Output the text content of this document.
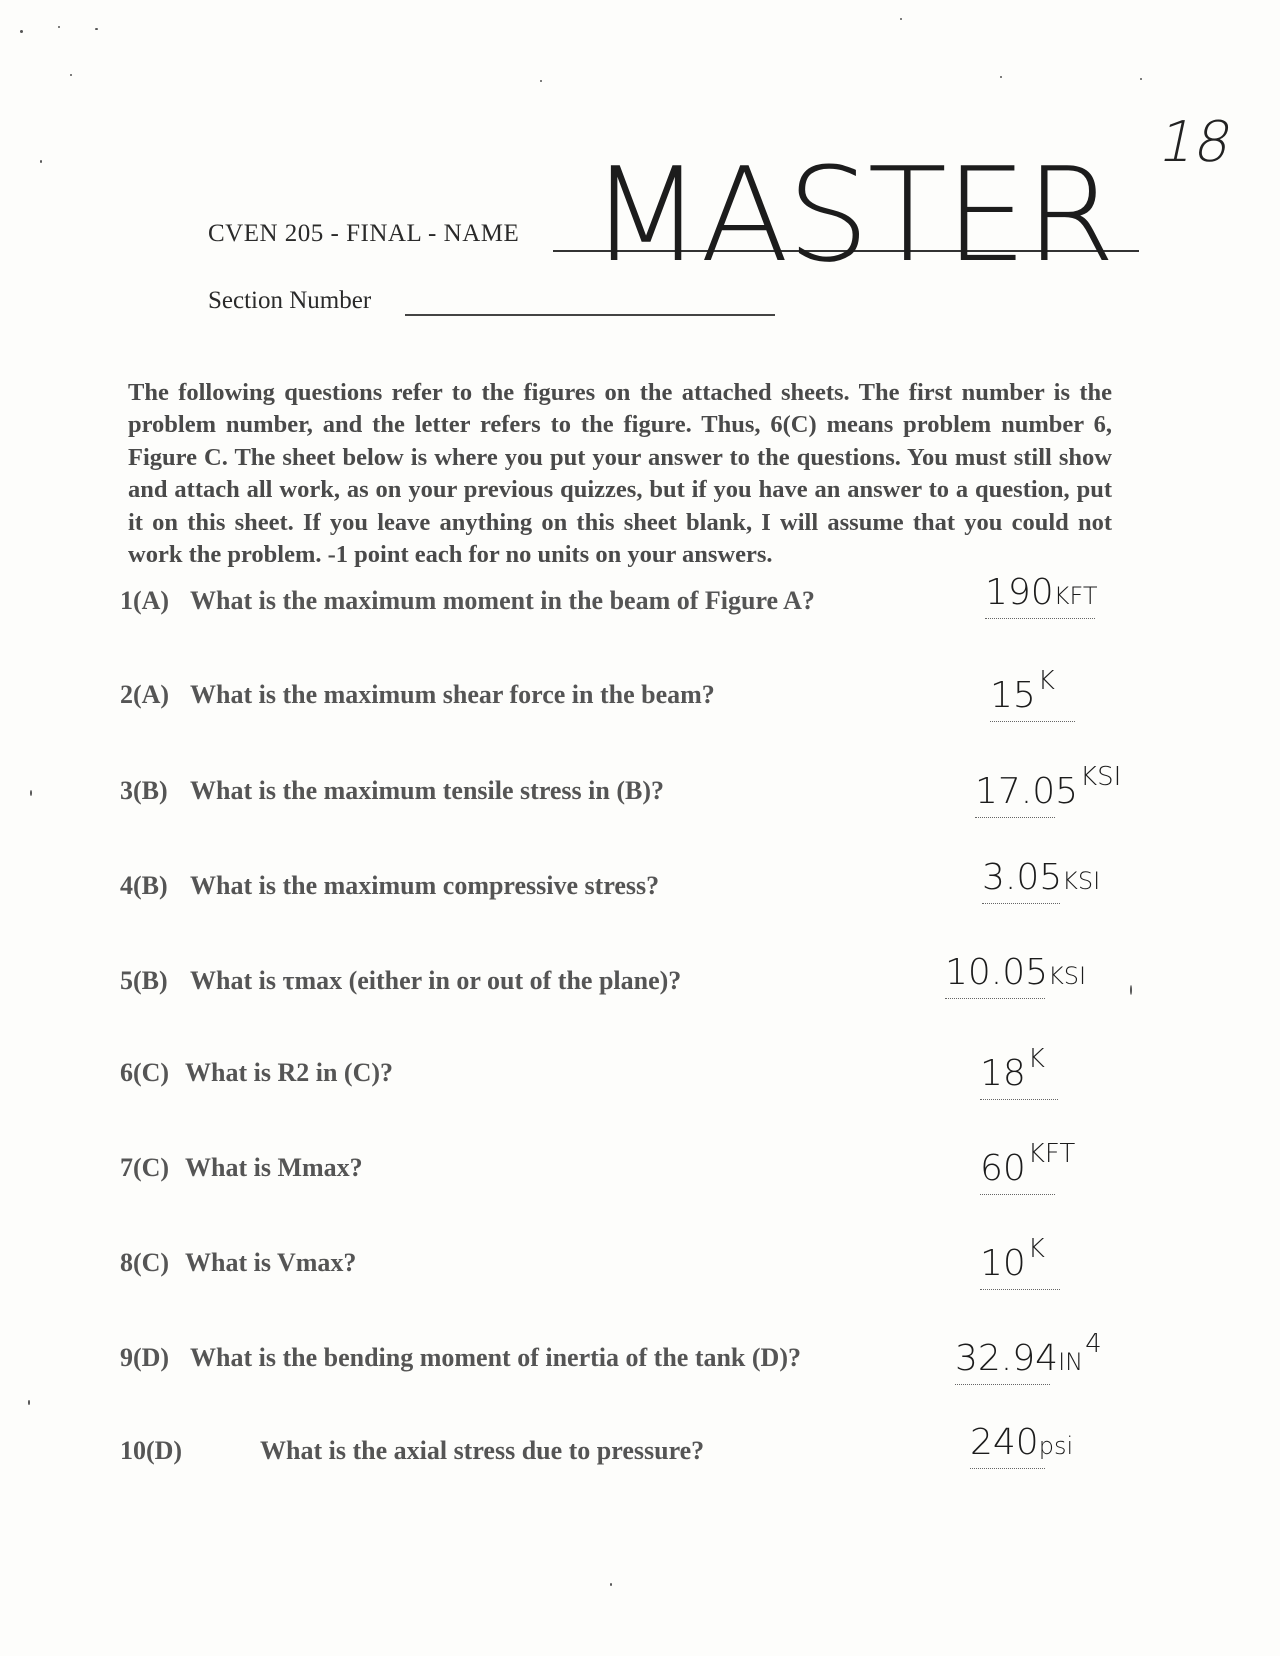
18
CVEN 205 - FINAL - NAME MASTER
Section Number

The following questions refer to the figures on the attached sheets. The first number is the problem number, and the letter refers to the figure. Thus, 6(C) means problem number 6, Figure C. The sheet below is where you put your answer to the questions. You must still show and attach all work, as on your previous quizzes, but if you have an answer to a question, put it on this sheet. If you leave anything on this sheet blank, I will assume that you could not work the problem. -1 point each for no units on your answers.

1(A) What is the maximum moment in the beam of Figure A?
2(A) What is the maximum shear force in the beam?
3(B) What is the maximum tensile stress in (B)?
4(B) What is the maximum compressive stress?
5(B) What is τmax (either in or out of the plane)?
6(C) What is R2 in (C)?
7(C) What is Mmax?
8(C) What is Vmax?
9(D) What is the bending moment of inertia of the tank (D)?
10(D)	What is the axial stress due to pressure?
190KFT
$15^K$
$17.05^{KSI}$
3.05KSI
10.05KSI
$18^K$
$60^{KFT}$
$10^K$
$32.94IN^4$
240psi
